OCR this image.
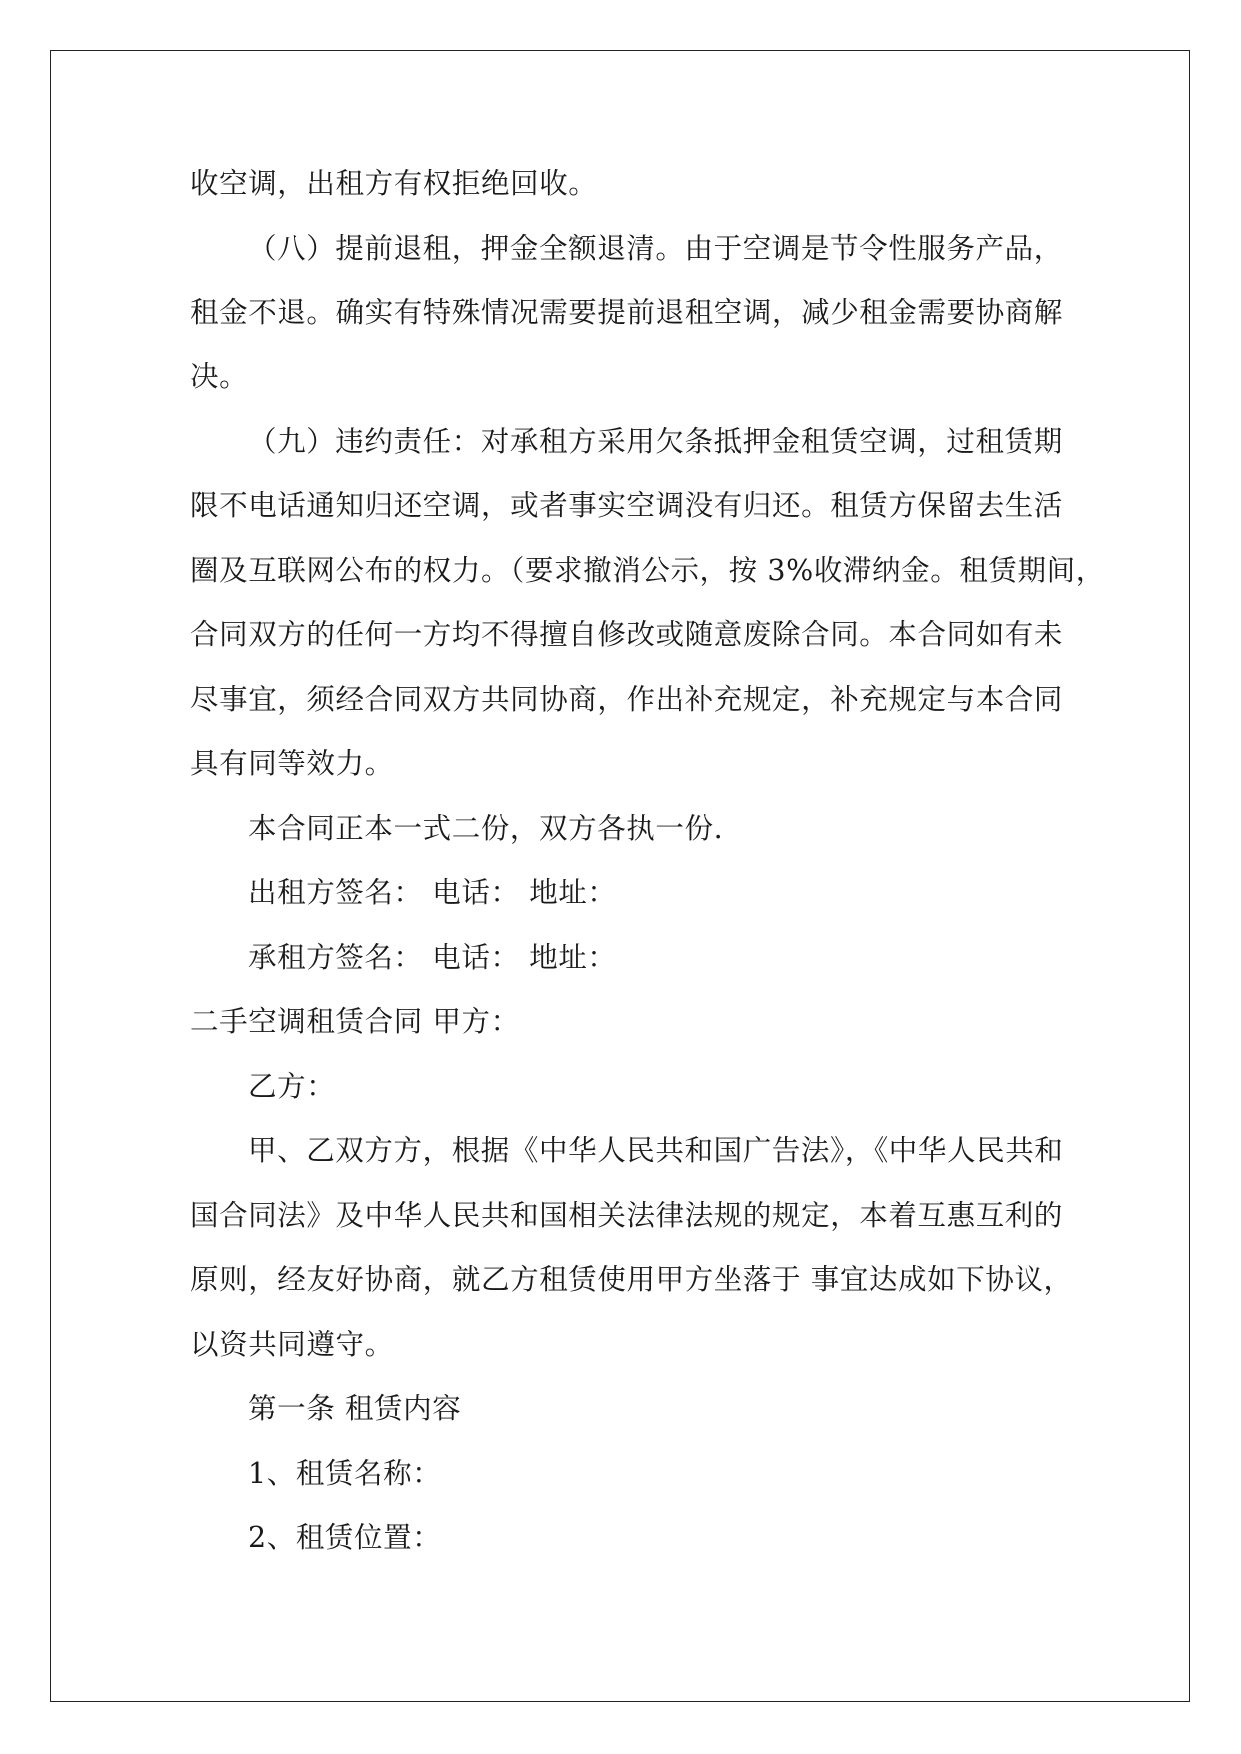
收空调，出租方有权拒绝回收。
（八）提前退租，押金全额退清。由于空调是节令性服务产品，
租金不退。确实有特殊情况需要提前退租空调，减少租金需要协商解
决。
（九）违约责任：对承租方采用欠条抵押金租赁空调，过租赁期
限不电话通知归还空调，或者事实空调没有归还。租赁方保留去生活
圈及互联网公布的权力。（要求撤消公示，按 3%收滞纳金。租赁期间，
合同双方的任何一方均不得擅自修改或随意废除合同。本合同如有未
尽事宜，须经合同双方共同协商，作出补充规定，补充规定与本合同
具有同等效力。
本合同正本一式二份，双方各执一份.
出租方签名： 电话： 地址：
承租方签名： 电话： 地址：
二手空调租赁合同 甲方：
乙方：
甲、乙双方方，根据《中华人民共和国广告法》，《中华人民共和
国合同法》及中华人民共和国相关法律法规的规定，本着互惠互利的
原则，经友好协商，就乙方租赁使用甲方坐落于 事宜达成如下协议，
以资共同遵守。
第一条 租赁内容
1、租赁名称：
2、租赁位置：
